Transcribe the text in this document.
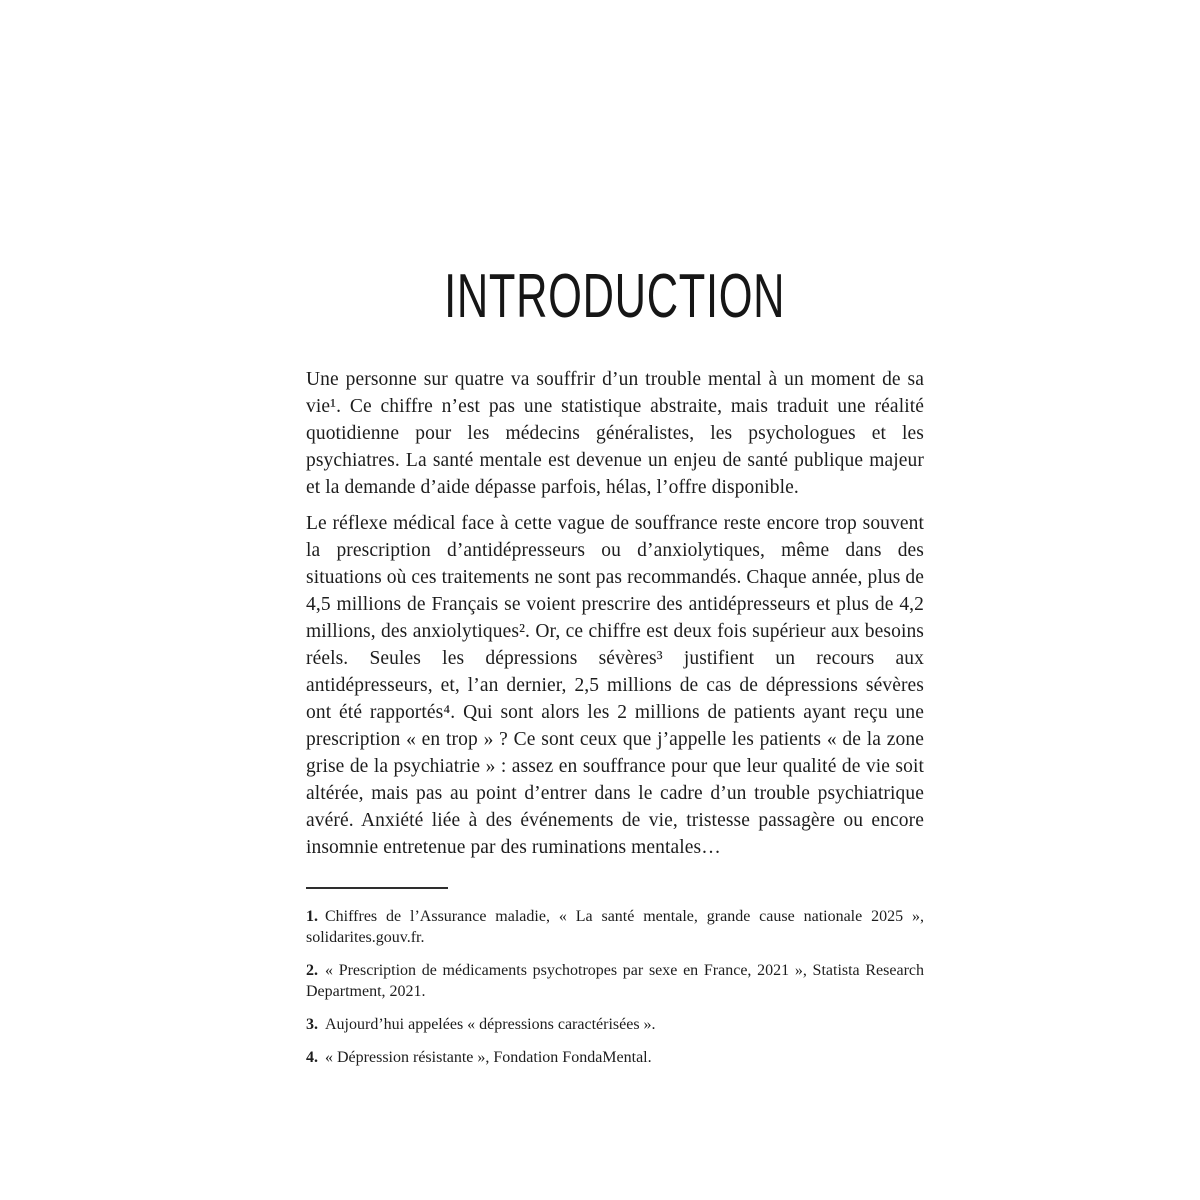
INTRODUCTION

Une personne sur quatre va souffrir d’un trouble mental à un moment de sa vie¹. Ce chiffre n’est pas une statistique abstraite, mais traduit une réalité quotidienne pour les médecins généralistes, les psychologues et les psychiatres. La santé mentale est devenue un enjeu de santé publique majeur et la demande d’aide dépasse parfois, hélas, l’offre disponible.

Le réflexe médical face à cette vague de souffrance reste encore trop souvent la prescription d’antidépresseurs ou d’anxiolytiques, même dans des situations où ces traitements ne sont pas recommandés. Chaque année, plus de 4,5 millions de Français se voient prescrire des antidépresseurs et plus de 4,2 millions, des anxiolytiques². Or, ce chiffre est deux fois supérieur aux besoins réels. Seules les dépressions sévères³ justifient un recours aux antidépresseurs, et, l’an dernier, 2,5 millions de cas de dépressions sévères ont été rapportés⁴. Qui sont alors les 2 millions de patients ayant reçu une prescription « en trop » ? Ce sont ceux que j’appelle les patients « de la zone grise de la psychiatrie » : assez en souffrance pour que leur qualité de vie soit altérée, mais pas au point d’entrer dans le cadre d’un trouble psychiatrique avéré. Anxiété liée à des événements de vie, tristesse passagère ou encore insomnie entretenue par des ruminations mentales…

1. Chiffres de l’Assurance maladie, « La santé mentale, grande cause nationale 2025 », solidarites.gouv.fr.

2. « Prescription de médicaments psychotropes par sexe en France, 2021 », Statista Research Department, 2021.

3. Aujourd’hui appelées « dépressions caractérisées ».

4. « Dépression résistante », Fondation FondaMental.
